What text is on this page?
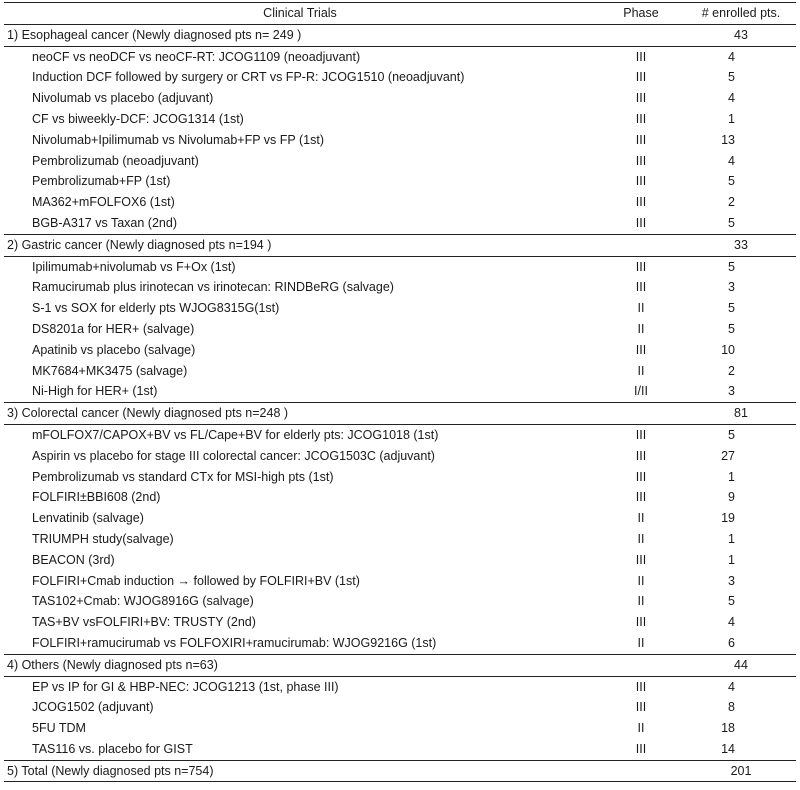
Clinical Trials	Phase	# enrolled pts.
1) Esophageal cancer (Newly diagnosed pts n= 249 )		43
neoCF vs neoDCF vs neoCF-RT: JCOG1109 (neoadjuvant)	III	4
Induction DCF followed by surgery or CRT vs FP-R: JCOG1510 (neoadjuvant)	III	5
Nivolumab vs placebo (adjuvant)	III	4
CF vs biweekly-DCF: JCOG1314 (1st)	III	1
Nivolumab+Ipilimumab vs Nivolumab+FP vs FP (1st)	III	13
Pembrolizumab (neoadjuvant)	III	4
Pembrolizumab+FP (1st)	III	5
MA362+mFOLFOX6 (1st)	III	2
BGB-A317 vs Taxan (2nd)	III	5
2) Gastric cancer (Newly diagnosed pts n=194 )		33
Ipilimumab+nivolumab vs F+Ox (1st)	III	5
Ramucirumab plus irinotecan vs irinotecan: RINDBeRG (salvage)	III	3
S-1 vs SOX for elderly pts WJOG8315G(1st)	II	5
DS8201a for HER+ (salvage)	II	5
Apatinib vs placebo (salvage)	III	10
MK7684+MK3475 (salvage)	II	2
Ni-High for HER+ (1st)	I/II	3
3) Colorectal cancer (Newly diagnosed pts n=248 )		81
mFOLFOX7/CAPOX+BV vs FL/Cape+BV for elderly pts: JCOG1018 (1st)	III	5
Aspirin vs placebo for stage III colorectal cancer: JCOG1503C (adjuvant)	III	27
Pembrolizumab vs standard CTx for MSI-high pts (1st)	III	1
FOLFIRI±BBI608 (2nd)	III	9
Lenvatinib (salvage)	II	19
TRIUMPH study(salvage)	II	1
BEACON (3rd)	III	1
FOLFIRI+Cmab induction → followed by FOLFIRI+BV (1st)	II	3
TAS102+Cmab: WJOG8916G (salvage)	II	5
TAS+BV vsFOLFIRI+BV: TRUSTY (2nd)	III	4
FOLFIRI+ramucirumab vs FOLFOXIRI+ramucirumab: WJOG9216G (1st)	II	6
4) Others (Newly diagnosed pts n=63)		44
EP vs IP for GI & HBP-NEC: JCOG1213 (1st, phase III)	III	4
JCOG1502 (adjuvant)	III	8
5FU TDM	II	18
TAS116 vs. placebo for GIST	III	14
5) Total (Newly diagnosed pts n=754)		201
